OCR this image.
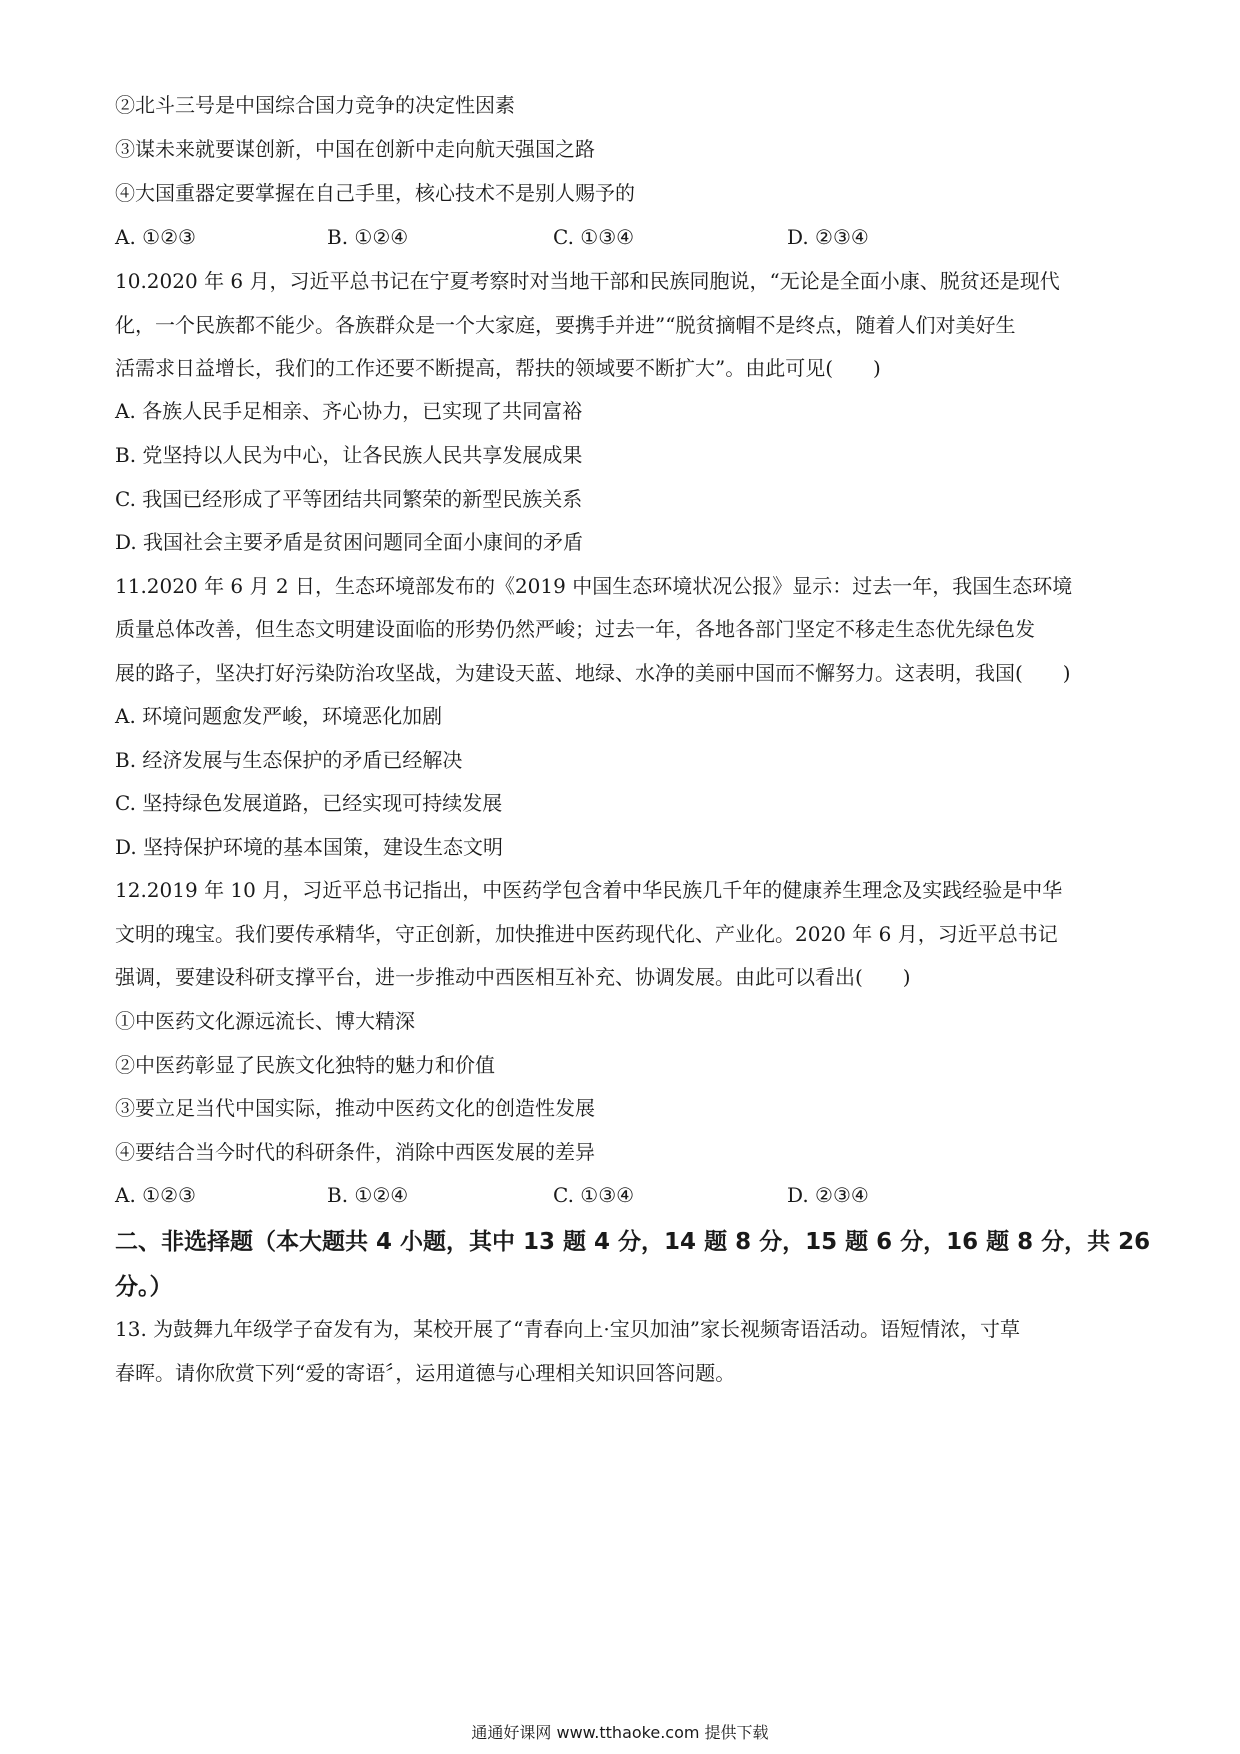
②北斗三号是中国综合国力竞争的决定性因素
③谋未来就要谋创新，中国在创新中走向航天强国之路
④大国重器定要掌握在自己手里，核心技术不是别人赐予的
A. ①②③	B. ①②④	C. ①③④	D. ②③④
10.2020 年 6 月，习近平总书记在宁夏考察时对当地干部和民族同胞说，“无论是全面小康、脱贫还是现代
化，一个民族都不能少。各族群众是一个大家庭，要携手并进”“脱贫摘帽不是终点，随着人们对美好生
活需求日益增长，我们的工作还要不断提高，帮扶的领域要不断扩大”。由此可见(　　)
A. 各族人民手足相亲、齐心协力，已实现了共同富裕
B. 党坚持以人民为中心，让各民族人民共享发展成果
C. 我国已经形成了平等团结共同繁荣的新型民族关系
D. 我国社会主要矛盾是贫困问题同全面小康间的矛盾
11.2020 年 6 月 2 日，生态环境部发布的《2019 中国生态环境状况公报》显示：过去一年，我国生态环境
质量总体改善，但生态文明建设面临的形势仍然严峻；过去一年，各地各部门坚定不移走生态优先绿色发
展的路子，坚决打好污染防治攻坚战，为建设天蓝、地绿、水净的美丽中国而不懈努力。这表明，我国(　　)
A. 环境问题愈发严峻，环境恶化加剧
B. 经济发展与生态保护的矛盾已经解决
C. 坚持绿色发展道路，已经实现可持续发展
D. 坚持保护环境的基本国策，建设生态文明
12.2019 年 10 月，习近平总书记指出，中医药学包含着中华民族几千年的健康养生理念及实践经验是中华
文明的瑰宝。我们要传承精华，守正创新，加快推进中医药现代化、产业化。2020 年 6 月，习近平总书记
强调，要建设科研支撑平台，进一步推动中西医相互补充、协调发展。由此可以看出(　　)
①中医药文化源远流长、博大精深
②中医药彰显了民族文化独特的魅力和价值
③要立足当代中国实际，推动中医药文化的创造性发展
④要结合当今时代的科研条件，消除中西医发展的差异
A. ①②③	B. ①②④	C. ①③④	D. ②③④
二、非选择题（本大题共 4 小题，其中 13 题 4 分，14 题 8 分，15 题 6 分，16 题 8 分，共 26
分。）
13. 为鼓舞九年级学子奋发有为，某校开展了“青春向上·宝贝加油”家长视频寄语活动。语短情浓，寸草
春晖。请你欣赏下列“爱的寄语〞，运用道德与心理相关知识回答问题。
通通好课网 www.tthaoke.com 提供下载
